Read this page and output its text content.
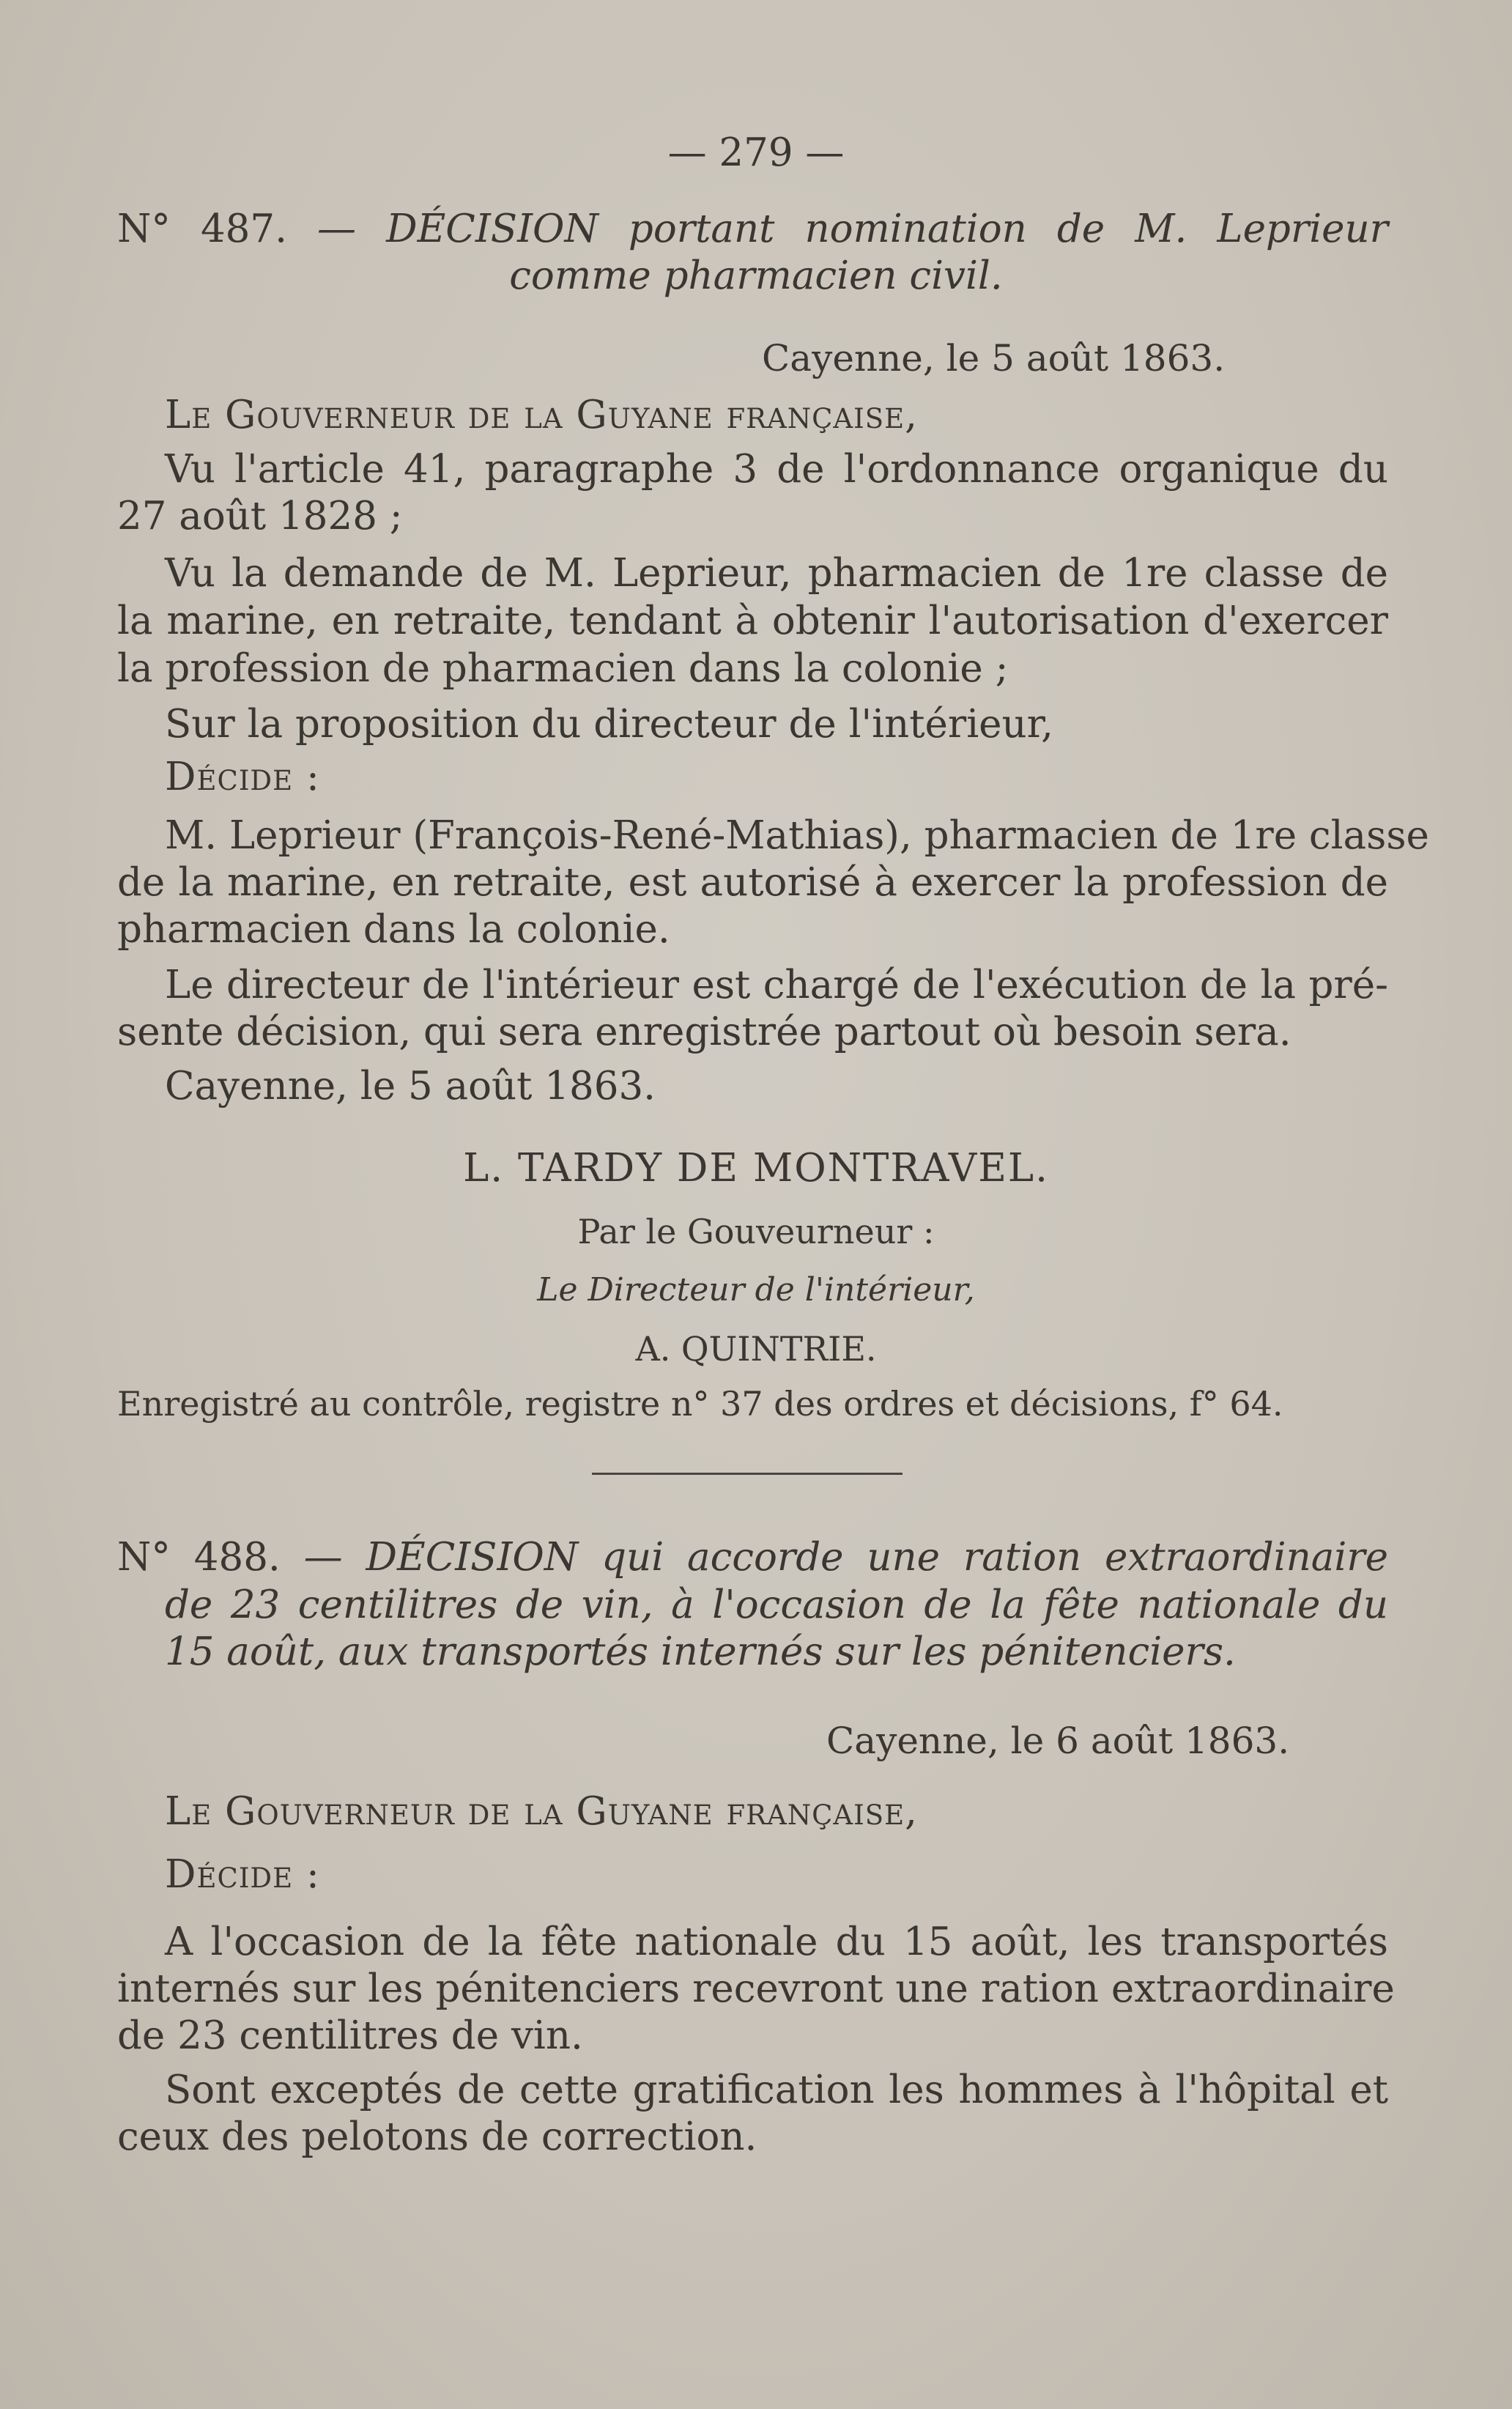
— 279 —
N° 487. — DÉCISION portant nomination de M. Leprieur
comme pharmacien civil.
Cayenne, le 5 août 1863.
Le Gouverneur de la Guyane française,
Vu l'article 41, paragraphe 3 de l'ordonnance organique du
27 août 1828 ;
Vu la demande de M. Leprieur, pharmacien de 1re classe de
la marine, en retraite, tendant à obtenir l'autorisation d'exercer
la profession de pharmacien dans la colonie ;
Sur la proposition du directeur de l'intérieur,
Décide :
M. Leprieur (François-René-Mathias), pharmacien de 1re classe
de la marine, en retraite, est autorisé à exercer la profession de
pharmacien dans la colonie.
Le directeur de l'intérieur est chargé de l'exécution de la pré-
sente décision, qui sera enregistrée partout où besoin sera.
Cayenne, le 5 août 1863.
L. TARDY DE MONTRAVEL.
Par le Gouveurneur :
Le Directeur de l'intérieur,
A. QUINTRIE.
Enregistré au contrôle, registre n° 37 des ordres et décisions, f° 64.
N° 488. — DÉCISION qui accorde une ration extraordinaire
de 23 centilitres de vin, à l'occasion de la fête nationale du
15 août, aux transportés internés sur les pénitenciers.
Cayenne, le 6 août 1863.
Le Gouverneur de la Guyane française,
Décide :
A l'occasion de la fête nationale du 15 août, les transportés
internés sur les pénitenciers recevront une ration extraordinaire
de 23 centilitres de vin.
Sont exceptés de cette gratification les hommes à l'hôpital et
ceux des pelotons de correction.
